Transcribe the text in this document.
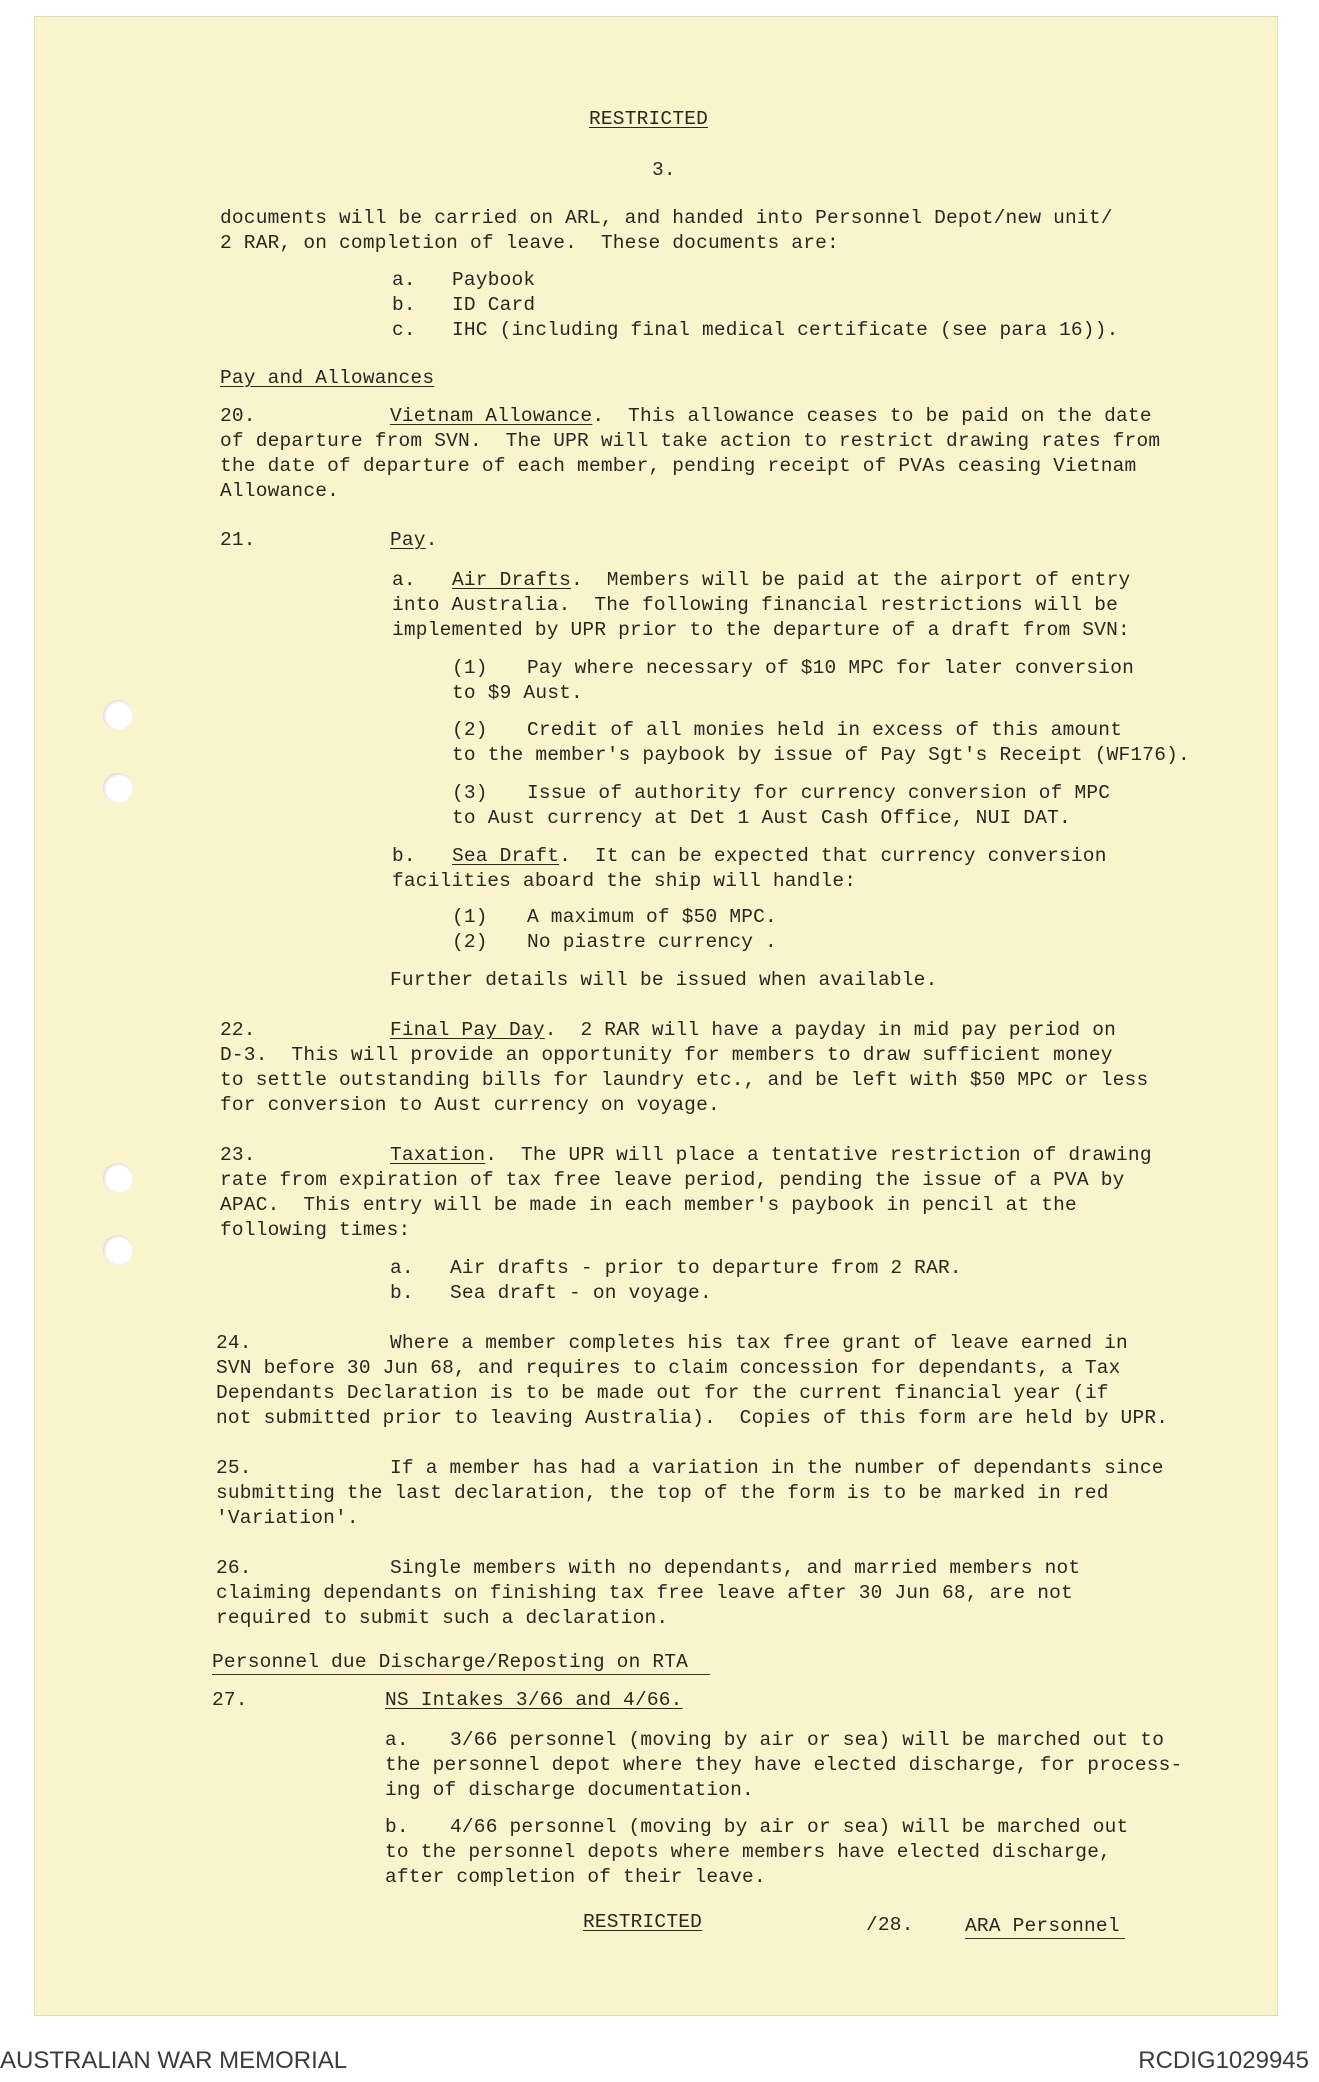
RESTRICTED
3.
documents will be carried on ARL, and handed into Personnel Depot/new unit/
2 RAR, on completion of leave.  These documents are:
a. Paybook
b. ID Card
c. IHC (including final medical certificate (see para 16)).
Pay and Allowances
20.	Vietnam Allowance.  This allowance ceases to be paid on the date
of departure from SVN.  The UPR will take action to restrict drawing rates from
the date of departure of each member, pending receipt of PVAs ceasing Vietnam
Allowance.
21.	Pay.
a. Air Drafts.  Members will be paid at the airport of entry
into Australia.  The following financial restrictions will be
implemented by UPR prior to the departure of a draft from SVN:
(1) Pay where necessary of $10 MPC for later conversion
to $9 Aust.
(2) Credit of all monies held in excess of this amount
to the member's paybook by issue of Pay Sgt's Receipt (WF176).
(3) Issue of authority for currency conversion of MPC
to Aust currency at Det 1 Aust Cash Office, NUI DAT.
b. Sea Draft.  It can be expected that currency conversion
facilities aboard the ship will handle:
(1) A maximum of $50 MPC.
(2) No piastre currency .
Further details will be issued when available.
22.	Final Pay Day.  2 RAR will have a payday in mid pay period on
D-3.  This will provide an opportunity for members to draw sufficient money
to settle outstanding bills for laundry etc., and be left with $50 MPC or less
for conversion to Aust currency on voyage.
23.	Taxation.  The UPR will place a tentative restriction of drawing
rate from expiration of tax free leave period, pending the issue of a PVA by
APAC.  This entry will be made in each member's paybook in pencil at the
following times:
a. Air drafts - prior to departure from 2 RAR.
b. Sea draft - on voyage.
24.	Where a member completes his tax free grant of leave earned in
SVN before 30 Jun 68, and requires to claim concession for dependants, a Tax
Dependants Declaration is to be made out for the current financial year (if
not submitted prior to leaving Australia).  Copies of this form are held by UPR.
25.	If a member has had a variation in the number of dependants since
submitting the last declaration, the top of the form is to be marked in red
'Variation'.
26.	Single members with no dependants, and married members not
claiming dependants on finishing tax free leave after 30 Jun 68, are not
required to submit such a declaration.
Personnel due Discharge/Reposting on RTA
27.	NS Intakes 3/66 and 4/66.
a. 3/66 personnel (moving by air or sea) will be marched out to
the personnel depot where they have elected discharge, for process-
ing of discharge documentation.
b. 4/66 personnel (moving by air or sea) will be marched out
to the personnel depots where members have elected discharge,
after completion of their leave.
RESTRICTED	/28.	ARA Personnel
AUSTRALIAN WAR MEMORIAL	RCDIG1029945
